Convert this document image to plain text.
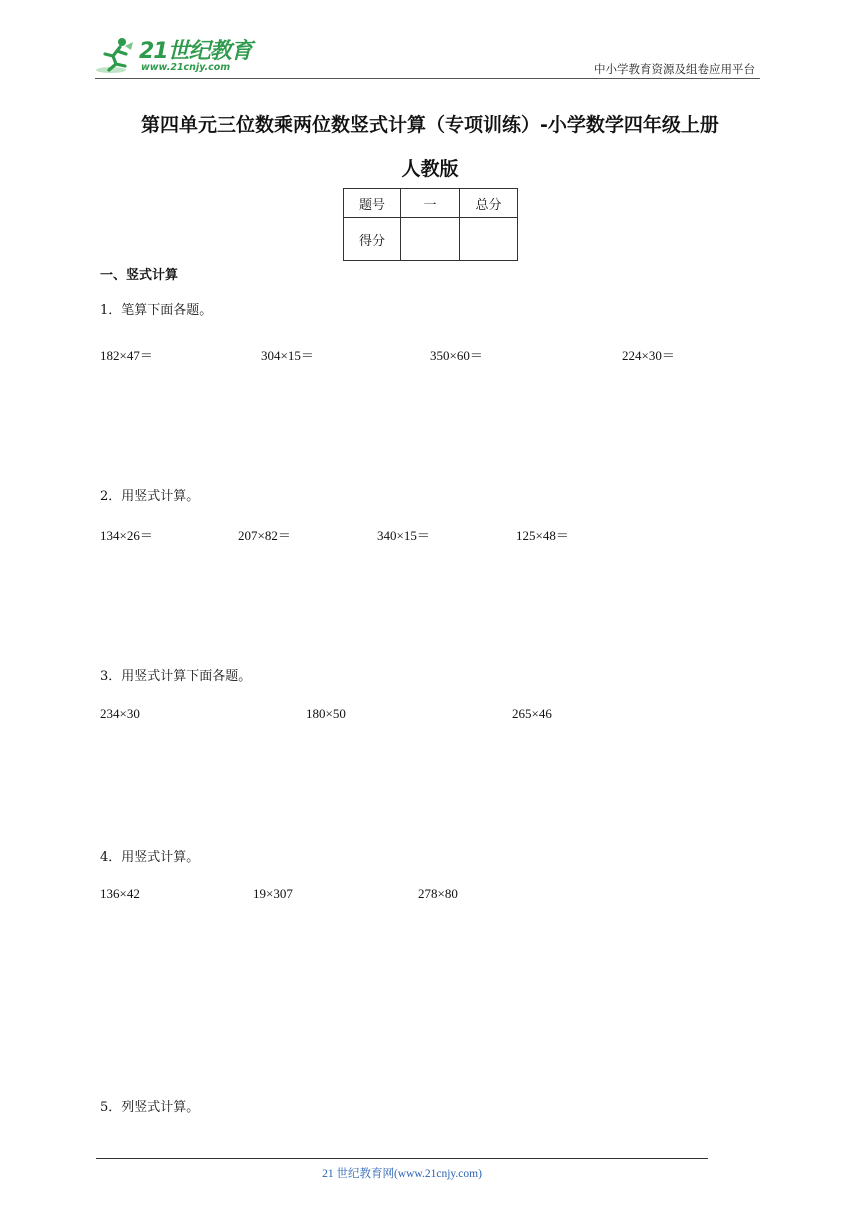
21世纪教育
www.21cnjy.com	中小学教育资源及组卷应用平台
第四单元三位数乘两位数竖式计算（专项训练）-小学数学四年级上册
人教版
题号	一	总分
得分		
一、竖式计算
1．笔算下面各题。
182×47＝	304×15＝	350×60＝	224×30＝
2．用竖式计算。
134×26＝	207×82＝	340×15＝	125×48＝
3．用竖式计算下面各题。
234×30	180×50	265×46
4．用竖式计算。
136×42	19×307	278×80
5．列竖式计算。
21 世纪教育网(www.21cnjy.com)
